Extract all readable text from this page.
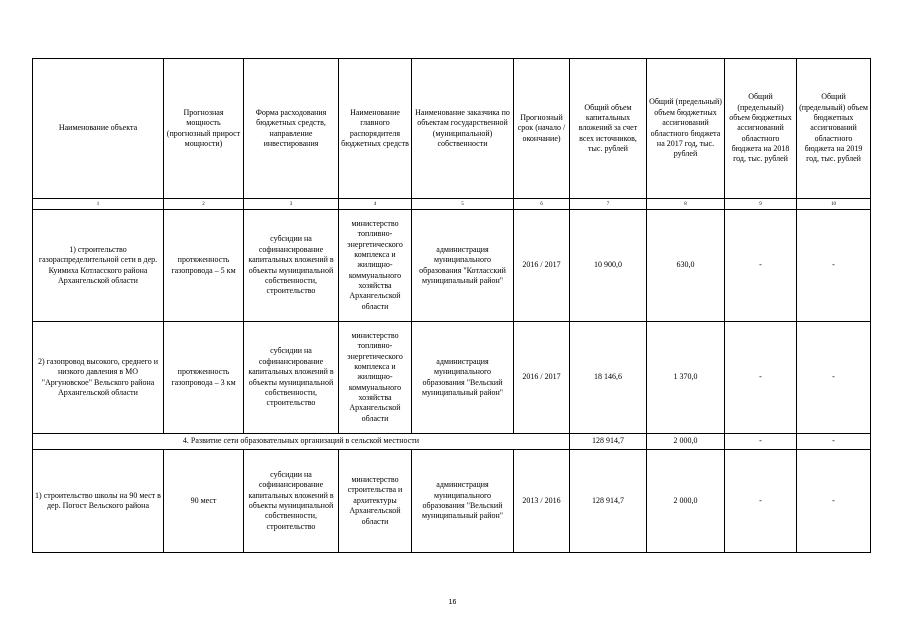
Наименование объекта	Прогнозная мощность (прогнозный прирост мощности)	Форма расходования бюджетных средств, направление инвестирования	Наименование главного распорядителя бюджетных средств	Наименование заказчика по объектам государственной (муниципальной) собственности	Прогнозный срок (начало / окончание)	Общий объем капитальных вложений за счет всех источников, тыс. рублей	Общий (предельный) объем бюджетных ассигнований областного бюджета на 2017 год, тыс. рублей	Общий (предельный) объем бюджетных ассигнований областного бюджета на 2018 год, тыс. рублей	Общий (предельный) объем бюджетных ассигнований областного бюджета на 2019 год, тыс. рублей
1	2	3	4	5	6	7	8	9	10
1) строительство газораспределительной сети в дер. Куимиха Котласского района Архангельской области	протяженность газопровода – 5 км	субсидии на софинансирование капитальных вложений в объекты муниципальной собственности, строительство	министерство топливно-энергетического комплекса и жилищно-коммунального хозяйства Архангельской области	администрация муниципального образования "Котласский муниципальный район"	2016 / 2017	10 900,0	630,0	-	-
2) газопровод высокого, среднего и низкого давления в МО "Аргуновское" Вельского района Архангельской области	протяженность газопровода – 3 км	субсидии на софинансирование капитальных вложений в объекты муниципальной собственности, строительство	министерство топливно-энергетического комплекса и жилищно-коммунального хозяйства Архангельской области	администрация муниципального образования "Вельский муниципальный район"	2016 / 2017	18 146,6	1 370,0	-	-
4. Развитие сети образовательных организаций в сельской местности						128 914,7	2 000,0	-	-
1) строительство школы на 90 мест в дер. Погост Вельского района	90 мест	субсидии на софинансирование капитальных вложений в объекты муниципальной собственности, строительство	министерство строительства и архитектуры Архангельской области	администрация муниципального образования "Вельский муниципальный район"	2013 / 2016	128 914,7	2 000,0	-	-
16
